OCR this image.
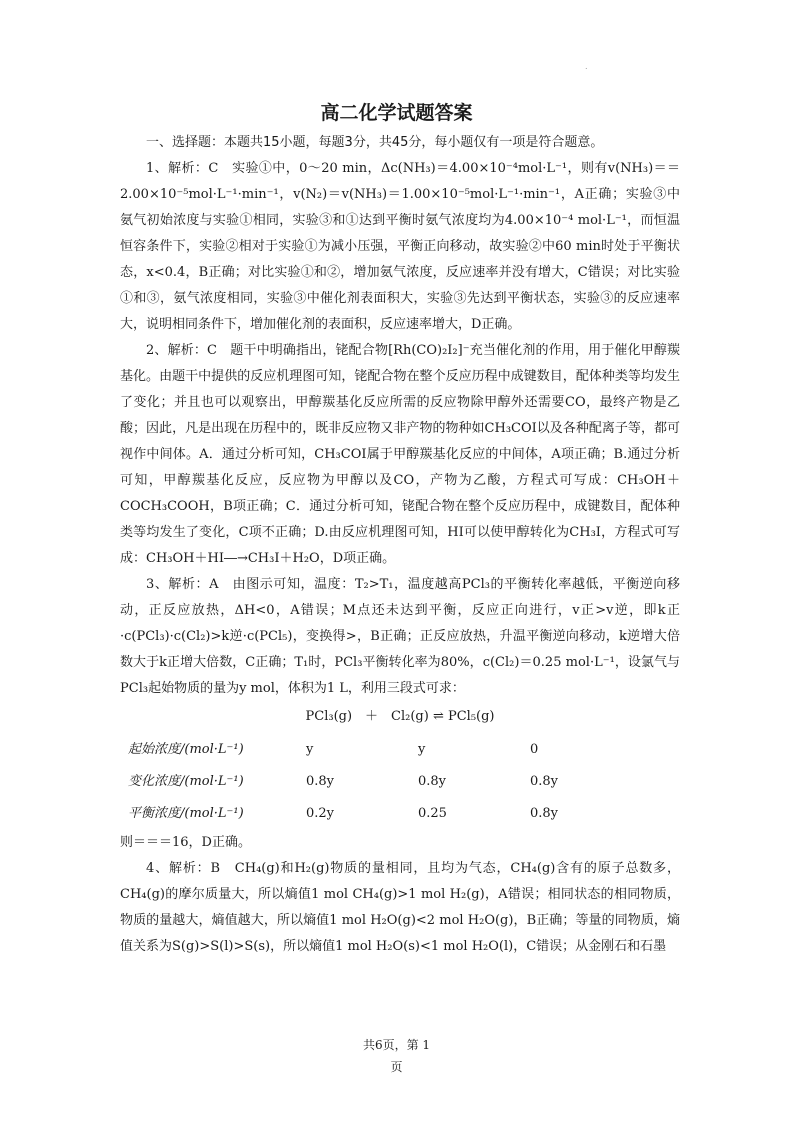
.
高二化学试题答案

一、选择题：本题共15小题，每题3分，共45分，每小题仅有一项是符合题意。

1、解析：C　实验①中，0～20 min，Δc(NH₃)＝4.00×10⁻⁴mol·L⁻¹，则有v(NH₃)＝＝2.00×10⁻⁵mol·L⁻¹·min⁻¹，v(N₂)＝v(NH₃)＝1.00×10⁻⁵mol·L⁻¹·min⁻¹，A正确；实验③中氨气初始浓度与实验①相同，实验③和①达到平衡时氨气浓度均为4.00×10⁻⁴ mol·L⁻¹，而恒温恒容条件下，实验②相对于实验①为减小压强，平衡正向移动，故实验②中60 min时处于平衡状态，x<0.4，B正确；对比实验①和②，增加氨气浓度，反应速率并没有增大，C错误；对比实验①和③，氨气浓度相同，实验③中催化剂表面积大，实验③先达到平衡状态，实验③的反应速率大，说明相同条件下，增加催化剂的表面积，反应速率增大，D正确。

2、解析：C　题干中明确指出，铑配合物[Rh(CO)₂I₂]⁻充当催化剂的作用，用于催化甲醇羰基化。由题干中提供的反应机理图可知，铑配合物在整个反应历程中成键数目，配体种类等均发生了变化；并且也可以观察出，甲醇羰基化反应所需的反应物除甲醇外还需要CO，最终产物是乙酸；因此，凡是出现在历程中的，既非反应物又非产物的物种如CH₃COI以及各种配离子等，都可视作中间体。A．通过分析可知，CH₃COI属于甲醇羰基化反应的中间体，A项正确；B.通过分析可知，甲醇羰基化反应，反应物为甲醇以及CO，产物为乙酸，方程式可写成：CH₃OH＋COCH₃COOH，B项正确；C．通过分析可知，铑配合物在整个反应历程中，成键数目，配体种类等均发生了变化，C项不正确；D.由反应机理图可知，HI可以使甲醇转化为CH₃I，方程式可写成：CH₃OH＋HI―→CH₃I＋H₂O，D项正确。

3、解析：A　由图示可知，温度：T₂>T₁，温度越高PCl₃的平衡转化率越低，平衡逆向移动，正反应放热，ΔH<0，A错误；M点还未达到平衡，反应正向进行，v正>v逆，即k正·c(PCl₃)·c(Cl₂)>k逆·c(PCl₅)，变换得>，B正确；正反应放热，升温平衡逆向移动，k逆增大倍数大于k正增大倍数，C正确；T₁时，PCl₃平衡转化率为80%，c(Cl₂)＝0.25 mol·L⁻¹，设氯气与PCl₃起始物质的量为y mol，体积为1 L，利用三段式可求：

PCl₃(g)　＋　Cl₂(g) ⇌ PCl₅(g)
起始浓度/(mol·L⁻¹)	y	y	0
变化浓度/(mol·L⁻¹)	0.8y	0.8y	0.8y
平衡浓度/(mol·L⁻¹)	0.2y	0.25	0.8y

则＝＝＝16，D正确。

4、解析：B　CH₄(g)和H₂(g)物质的量相同，且均为气态，CH₄(g)含有的原子总数多，CH₄(g)的摩尔质量大，所以熵值1 mol CH₄(g)>1 mol H₂(g)，A错误；相同状态的相同物质，物质的量越大，熵值越大，所以熵值1 mol H₂O(g)<2 mol H₂O(g)，B正确；等量的同物质，熵值关系为S(g)>S(l)>S(s)，所以熵值1 mol H₂O(s)<1 mol H₂O(l)，C错误；从金刚石和石墨

共6页，第 1
页
